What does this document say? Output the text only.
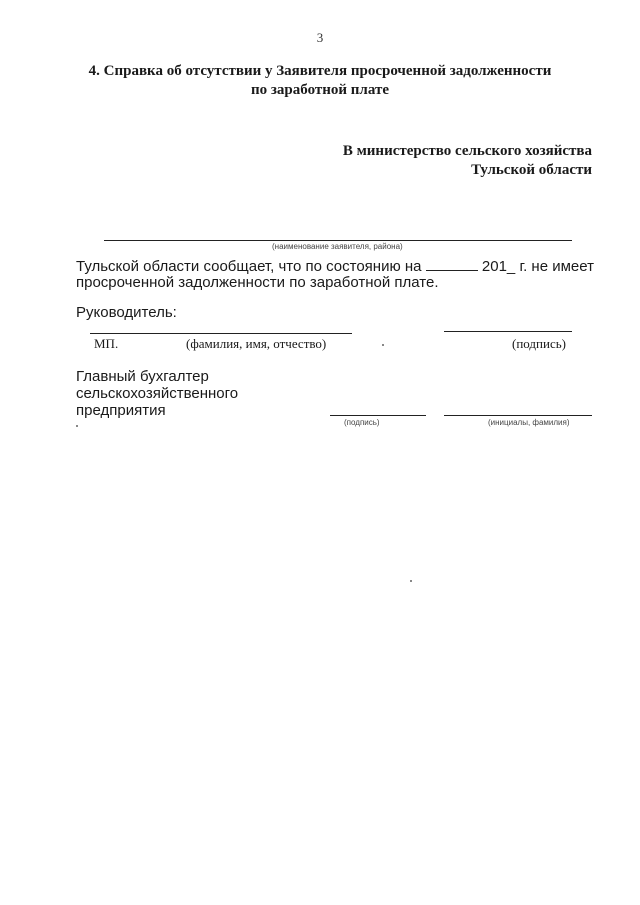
3
4. Справка об отсутствии у Заявителя просроченной задолженности
по заработной плате
В министерство сельского хозяйства
Тульской области
(наименование заявителя, района)
Тульской области сообщает, что по состоянию на	201_ г. не имеет
просроченной задолженности по заработной плате.
Руководитель:
МП.	(фамилия, имя, отчество)	(подпись)
Главный бухгалтер
сельскохозяйственного
предприятия
(подпись)	(инициалы, фамилия)
